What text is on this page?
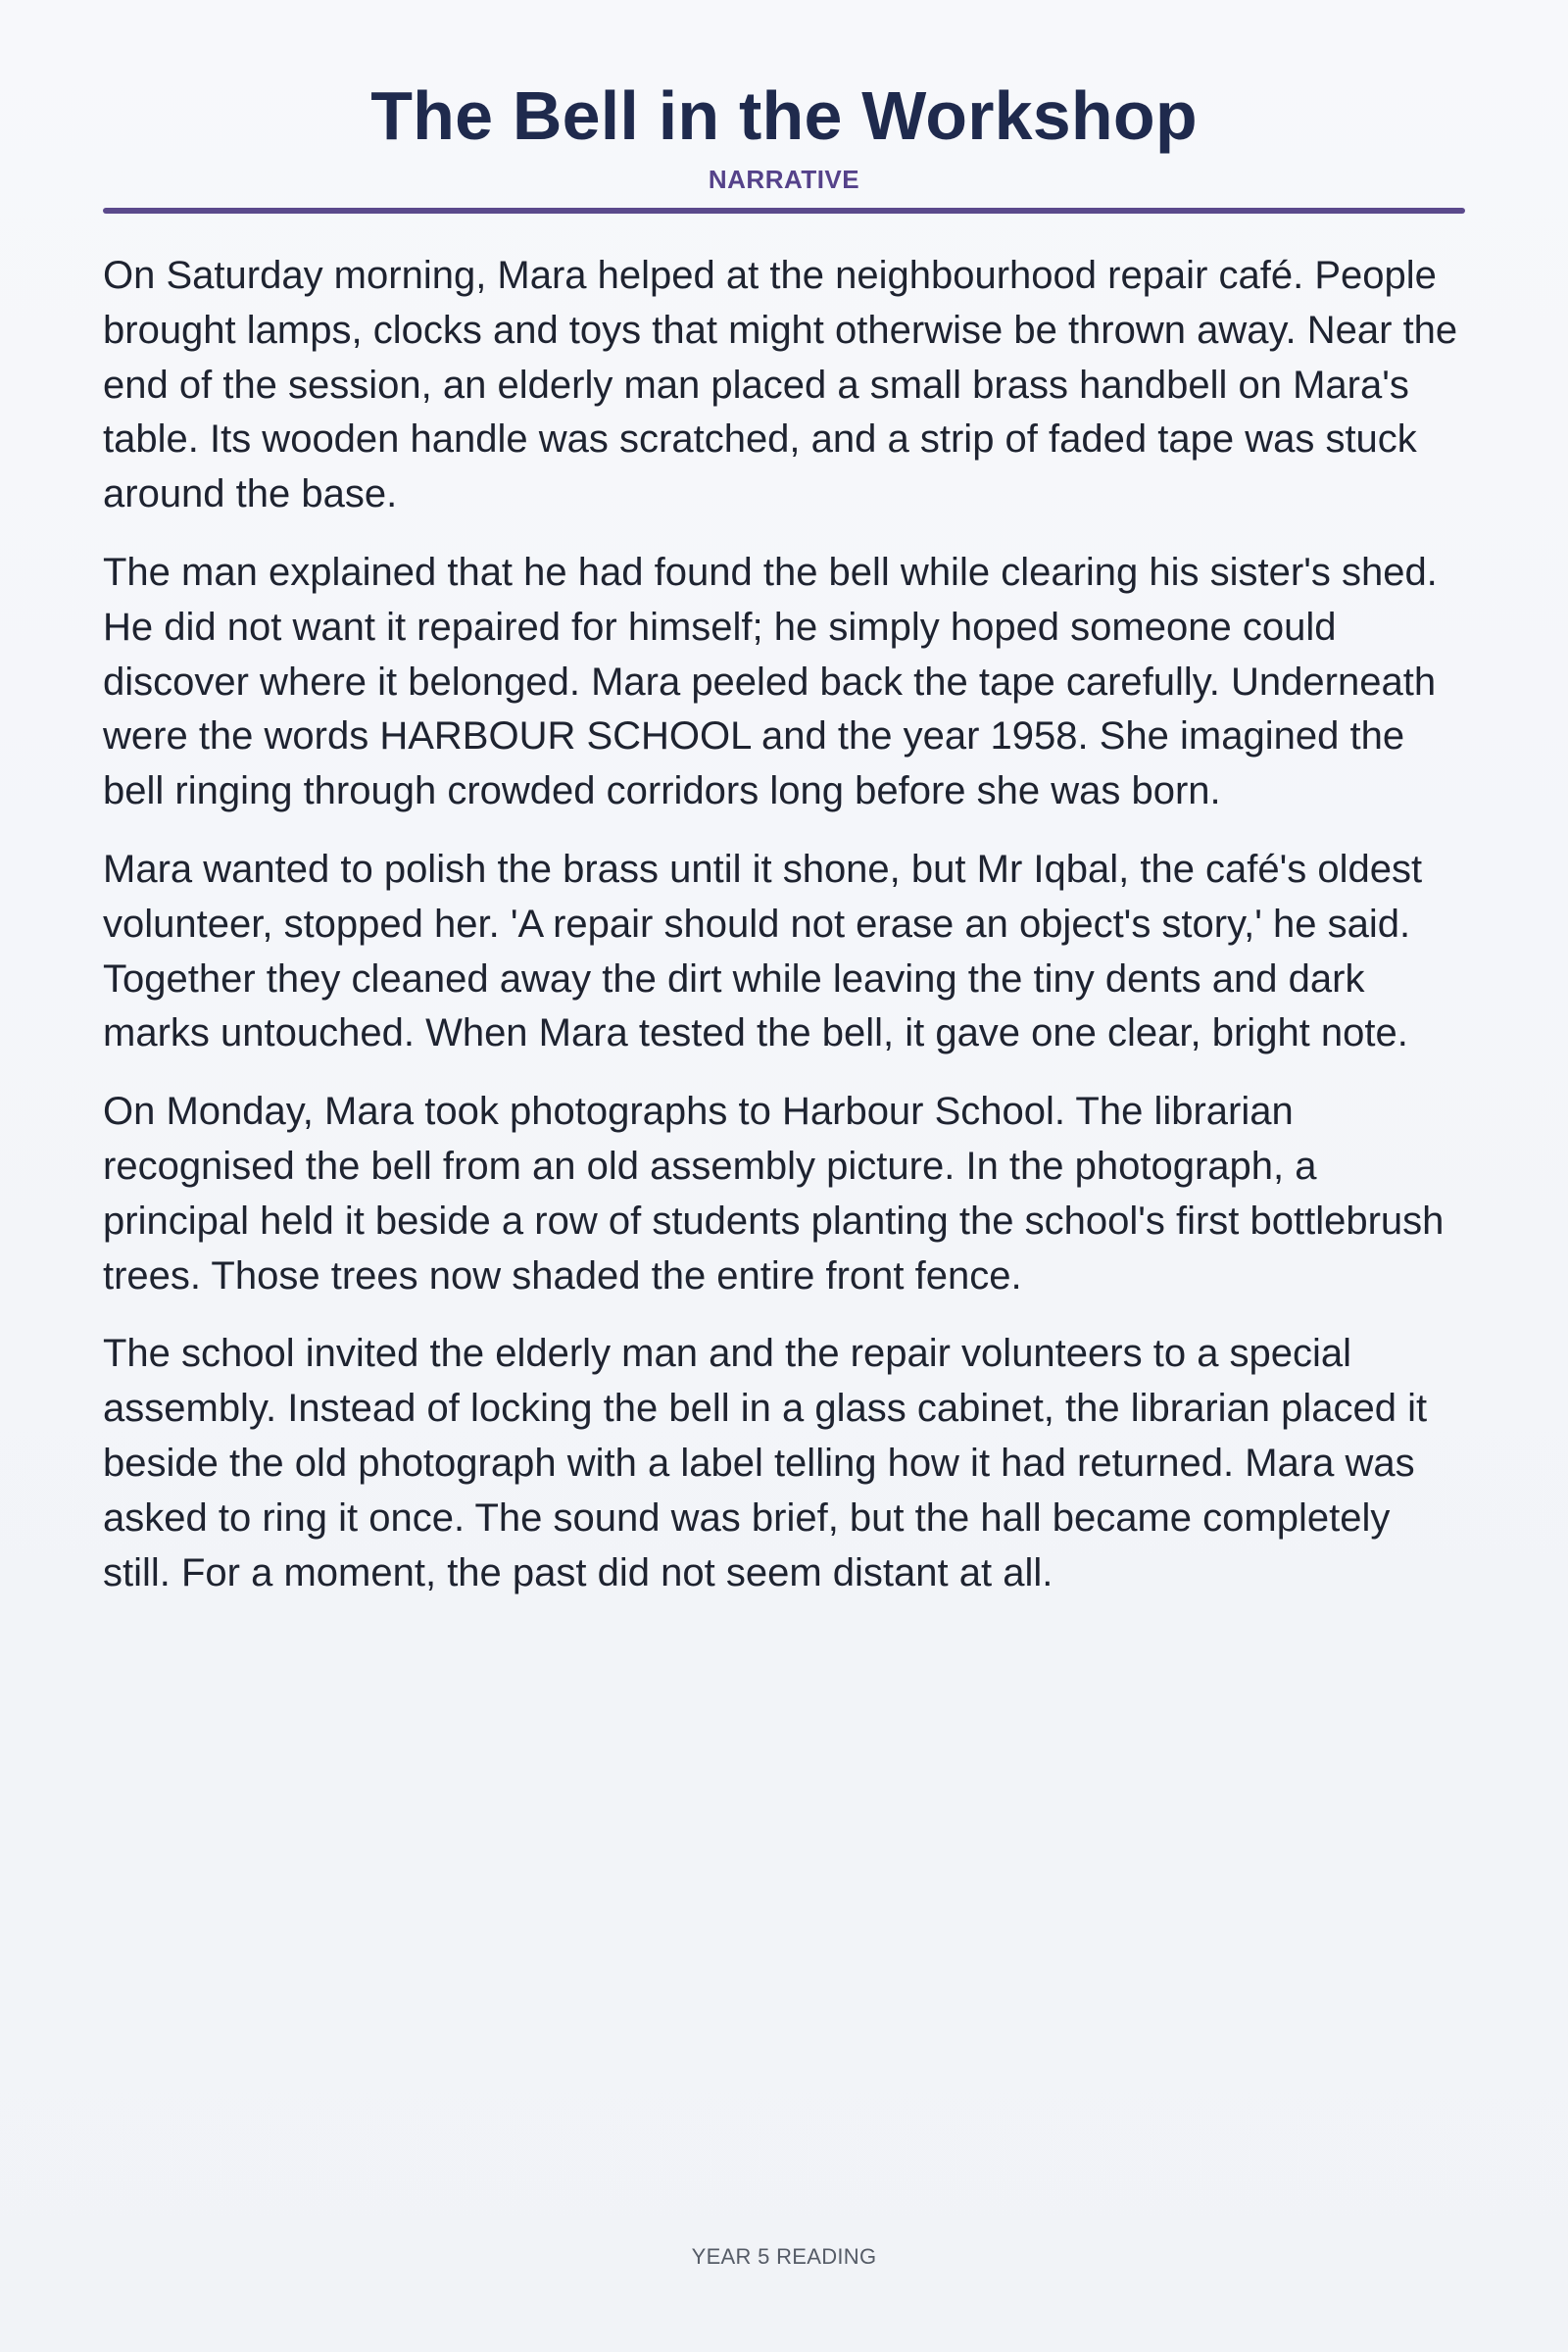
The Bell in the Workshop
NARRATIVE

On Saturday morning, Mara helped at the neighbourhood repair café. People brought lamps, clocks and toys that might otherwise be thrown away. Near the end of the session, an elderly man placed a small brass handbell on Mara's table. Its wooden handle was scratched, and a strip of faded tape was stuck around the base.

The man explained that he had found the bell while clearing his sister's shed. He did not want it repaired for himself; he simply hoped someone could discover where it belonged. Mara peeled back the tape carefully. Underneath were the words HARBOUR SCHOOL and the year 1958. She imagined the bell ringing through crowded corridors long before she was born.

Mara wanted to polish the brass until it shone, but Mr Iqbal, the café's oldest volunteer, stopped her. 'A repair should not erase an object's story,' he said. Together they cleaned away the dirt while leaving the tiny dents and dark marks untouched. When Mara tested the bell, it gave one clear, bright note.

On Monday, Mara took photographs to Harbour School. The librarian recognised the bell from an old assembly picture. In the photograph, a principal held it beside a row of students planting the school's first bottlebrush trees. Those trees now shaded the entire front fence.

The school invited the elderly man and the repair volunteers to a special assembly. Instead of locking the bell in a glass cabinet, the librarian placed it beside the old photograph with a label telling how it had returned. Mara was asked to ring it once. The sound was brief, but the hall became completely still. For a moment, the past did not seem distant at all.

YEAR 5 READING
